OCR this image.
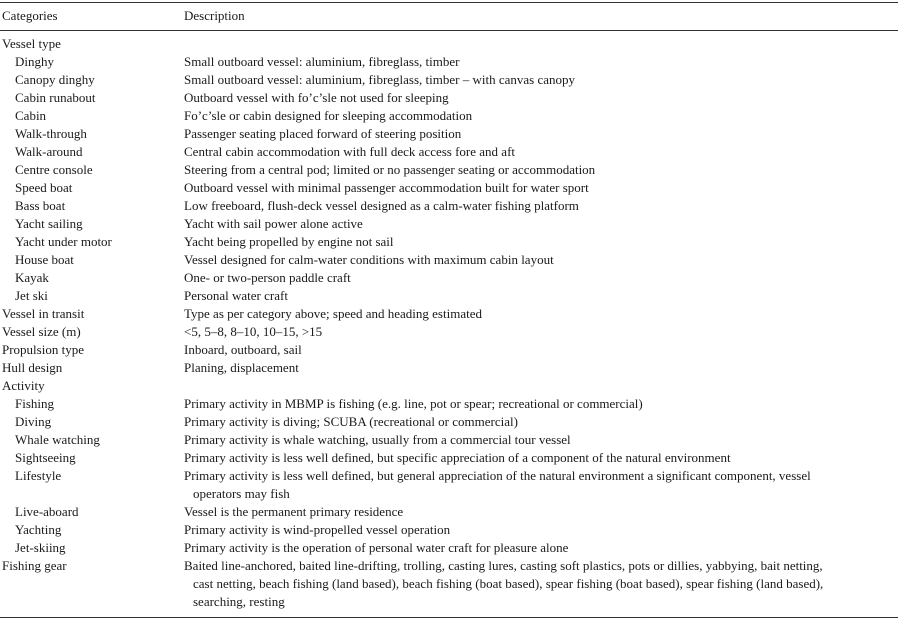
Categories	Description
Vessel type

Dinghy	Small outboard vessel: aluminium, fibreglass, timber
Canopy dinghy	Small outboard vessel: aluminium, fibreglass, timber – with canvas canopy
Cabin runabout	Outboard vessel with fo’c’sle not used for sleeping
Cabin	Fo’c’sle or cabin designed for sleeping accommodation
Walk-through	Passenger seating placed forward of steering position
Walk-around	Central cabin accommodation with full deck access fore and aft
Centre console	Steering from a central pod; limited or no passenger seating or accommodation
Speed boat	Outboard vessel with minimal passenger accommodation built for water sport
Bass boat	Low freeboard, flush-deck vessel designed as a calm-water fishing platform
Yacht sailing	Yacht with sail power alone active
Yacht under motor	Yacht being propelled by engine not sail
House boat	Vessel designed for calm-water conditions with maximum cabin layout
Kayak	One- or two-person paddle craft
Jet ski	Personal water craft
Vessel in transit	Type as per category above; speed and heading estimated
Vessel size (m)	<5, 5–8, 8–10, 10–15, >15
Propulsion type	Inboard, outboard, sail
Hull design	Planing, displacement
Activity

Fishing	Primary activity in MBMP is fishing (e.g. line, pot or spear; recreational or commercial)
Diving	Primary activity is diving; SCUBA (recreational or commercial)
Whale watching	Primary activity is whale watching, usually from a commercial tour vessel
Sightseeing	Primary activity is less well defined, but specific appreciation of a component of the natural environment
Lifestyle	Primary activity is less well defined, but general appreciation of the natural environment a significant component, vessel
operators may fish
Live-aboard	Vessel is the permanent primary residence
Yachting	Primary activity is wind-propelled vessel operation
Jet-skiing	Primary activity is the operation of personal water craft for pleasure alone
Fishing gear	Baited line-anchored, baited line-drifting, trolling, casting lures, casting soft plastics, pots or dillies, yabbying, bait netting,
cast netting, beach fishing (land based), beach fishing (boat based), spear fishing (boat based), spear fishing (land based),
searching, resting
